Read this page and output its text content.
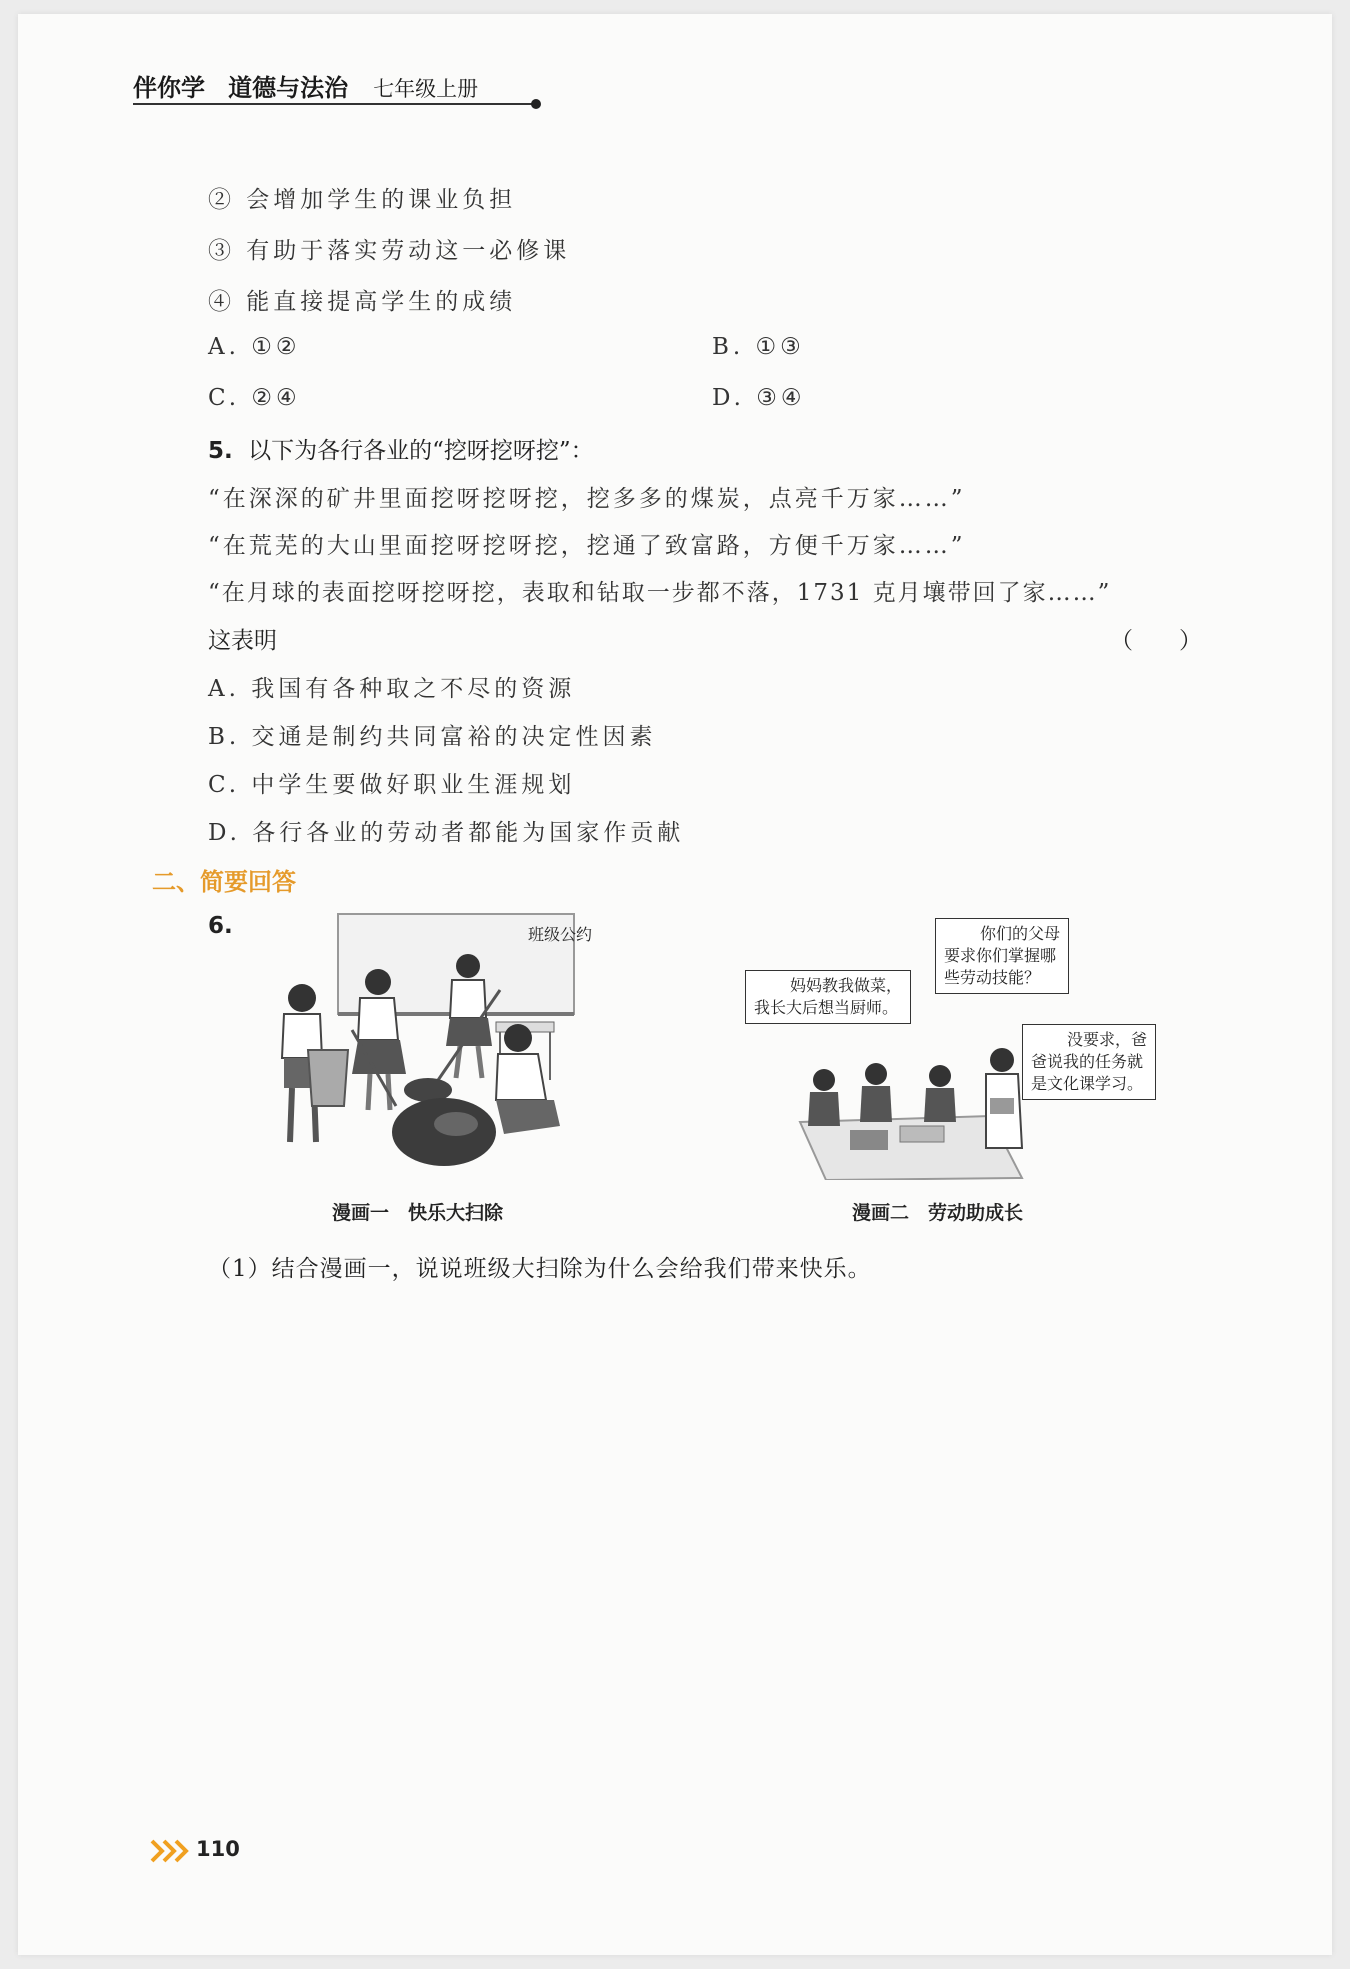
伴你学 道德与法治 七年级上册
② 会增加学生的课业负担
③ 有助于落实劳动这一必修课
④ 能直接提高学生的成绩
A. ①②	B. ①③
C. ②④	D. ③④
5. 以下为各行各业的“挖呀挖呀挖”：
“在深深的矿井里面挖呀挖呀挖，挖多多的煤炭，点亮千万家……”
“在荒芜的大山里面挖呀挖呀挖，挖通了致富路，方便千万家……”
“在月球的表面挖呀挖呀挖，表取和钻取一步都不落，1731 克月壤带回了家……”
这表明	（　　）
A. 我国有各种取之不尽的资源
B. 交通是制约共同富裕的决定性因素
C. 中学生要做好职业生涯规划
D. 各行各业的劳动者都能为国家作贡献
二、简要回答
6.	班级公约
漫画一　快乐大扫除
妈妈教我做菜，
我长大后想当厨师。
你们的父母
要求你们掌握哪
些劳动技能？
没要求，爸
爸说我的任务就
是文化课学习。
漫画二　劳动助成长
（1）结合漫画一，说说班级大扫除为什么会给我们带来快乐。
110
